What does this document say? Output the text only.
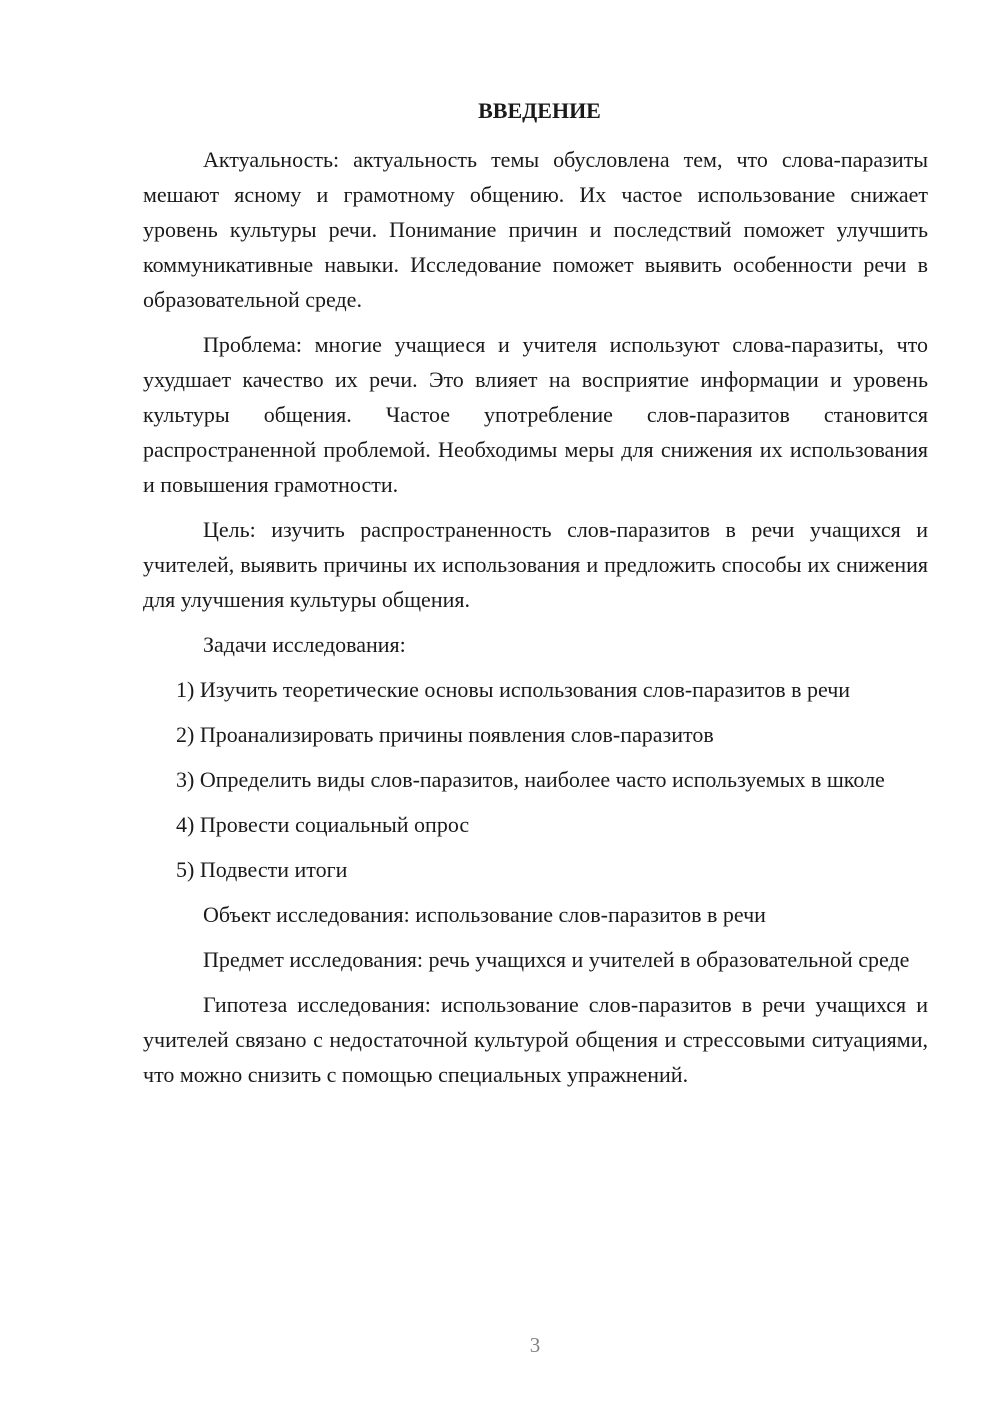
ВВЕДЕНИЕ

Актуальность: актуальность темы обусловлена тем, что слова-паразиты мешают ясному и грамотному общению. Их частое использование снижает уровень культуры речи. Понимание причин и последствий поможет улучшить коммуникативные навыки. Исследование поможет выявить особенности речи в образовательной среде.

Проблема: многие учащиеся и учителя используют слова-паразиты, что ухудшает качество их речи. Это влияет на восприятие информации и уровень культуры общения. Частое употребление слов-паразитов становится распространенной проблемой. Необходимы меры для снижения их использования и повышения грамотности.

Цель: изучить распространенность слов-паразитов в речи учащихся и учителей, выявить причины их использования и предложить способы их снижения для улучшения культуры общения.

Задачи исследования:

1) Изучить теоретические основы использования слов-паразитов в речи

2) Проанализировать причины появления слов-паразитов

3) Определить виды слов-паразитов, наиболее часто используемых в школе

4) Провести социальный опрос

5) Подвести итоги

Объект исследования: использование слов-паразитов в речи

Предмет исследования: речь учащихся и учителей в образовательной среде

Гипотеза исследования: использование слов-паразитов в речи учащихся и учителей связано с недостаточной культурой общения и стрессовыми ситуациями, что можно снизить с помощью специальных упражнений.

3
